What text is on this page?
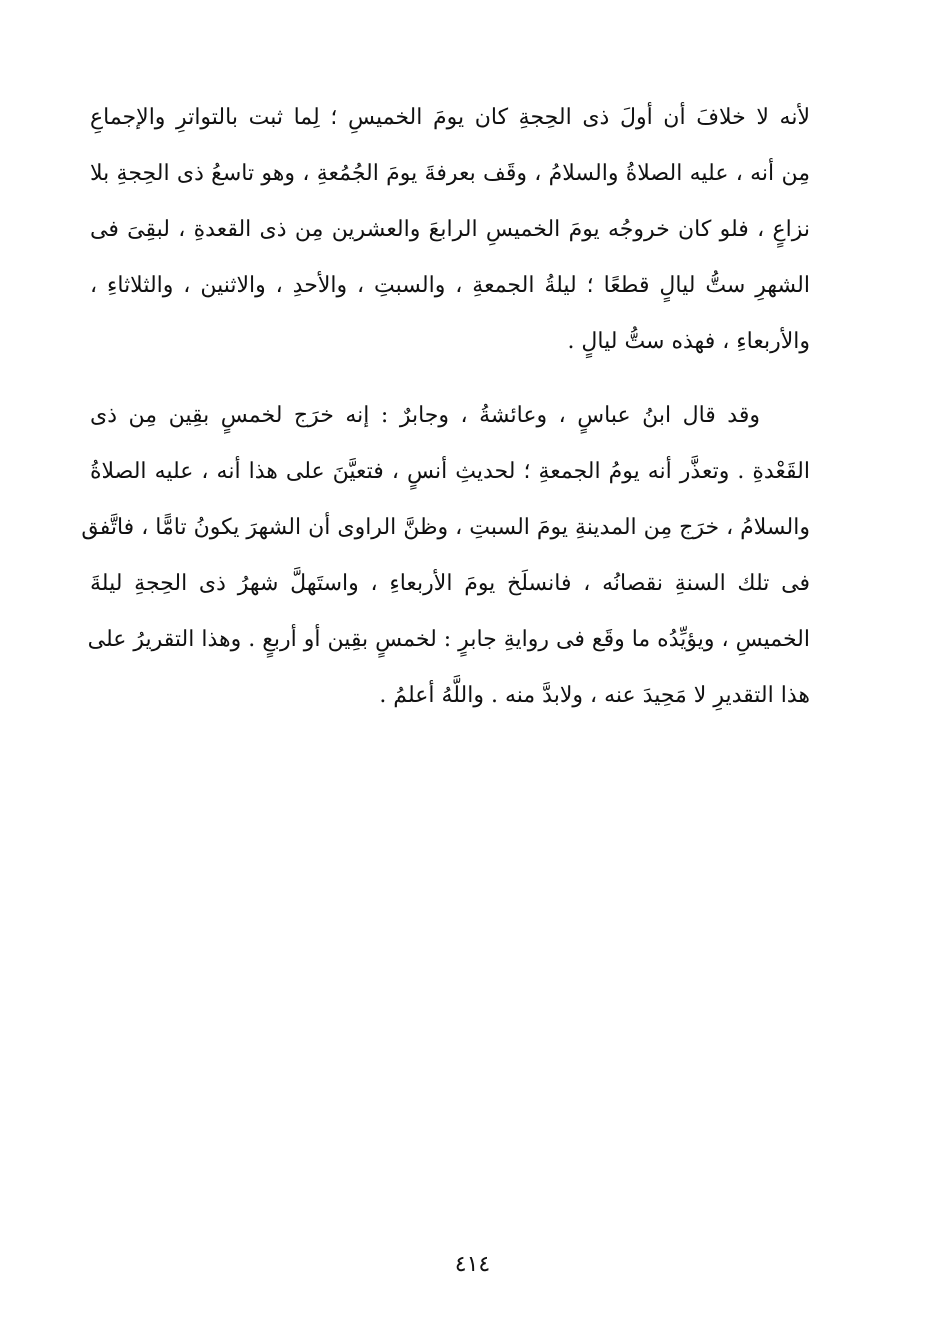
لأنه لا خلافَ أن أولَ ذى الحِجةِ كان يومَ الخميسِ ؛ لِما ثبت بالتواترِ والإجماعِ
مِن أنه ، عليه الصلاةُ والسلامُ ، وقَف بعرفةَ يومَ الجُمُعةِ ، وهو تاسعُ ذى الحِجةِ بلا
نزاعٍ ، فلو كان خروجُه يومَ الخميسِ الرابعَ والعشرين مِن ذى القعدةِ ، لبقِىَ فى
الشهرِ ستُّ ليالٍ قطعًا ؛ ليلةُ الجمعةِ ، والسبتِ ، والأحدِ ، والاثنين ، والثلاثاءِ ،
والأربعاءِ ، فهذه ستُّ ليالٍ .
وقد قال ابنُ عباسٍ ، وعائشةُ ، وجابرٌ : إنه خرَج لخمسٍ بقِين مِن ذى
القَعْدةِ . وتعذَّر أنه يومُ الجمعةِ ؛ لحديثِ أنسٍ ، فتعيَّنَ على هذا أنه ، عليه الصلاةُ
والسلامُ ، خرَج مِن المدينةِ يومَ السبتِ ، وظنَّ الراوى أن الشهرَ يكونُ تامًّا ، فاتَّفق
فى تلك السنةِ نقصانُه ، فانسلَخ يومَ الأربعاءِ ، واستَهلَّ شهرُ ذى الحِجةِ ليلةَ
الخميسِ ، ويؤيِّدُه ما وقَع فى روايةِ جابرٍ : لخمسٍ بقِين أو أربعٍ . وهذا التقريرُ على
هذا التقديرِ لا مَحِيدَ عنه ، ولابدَّ منه . واللَّهُ أعلمُ .
٤١٤
